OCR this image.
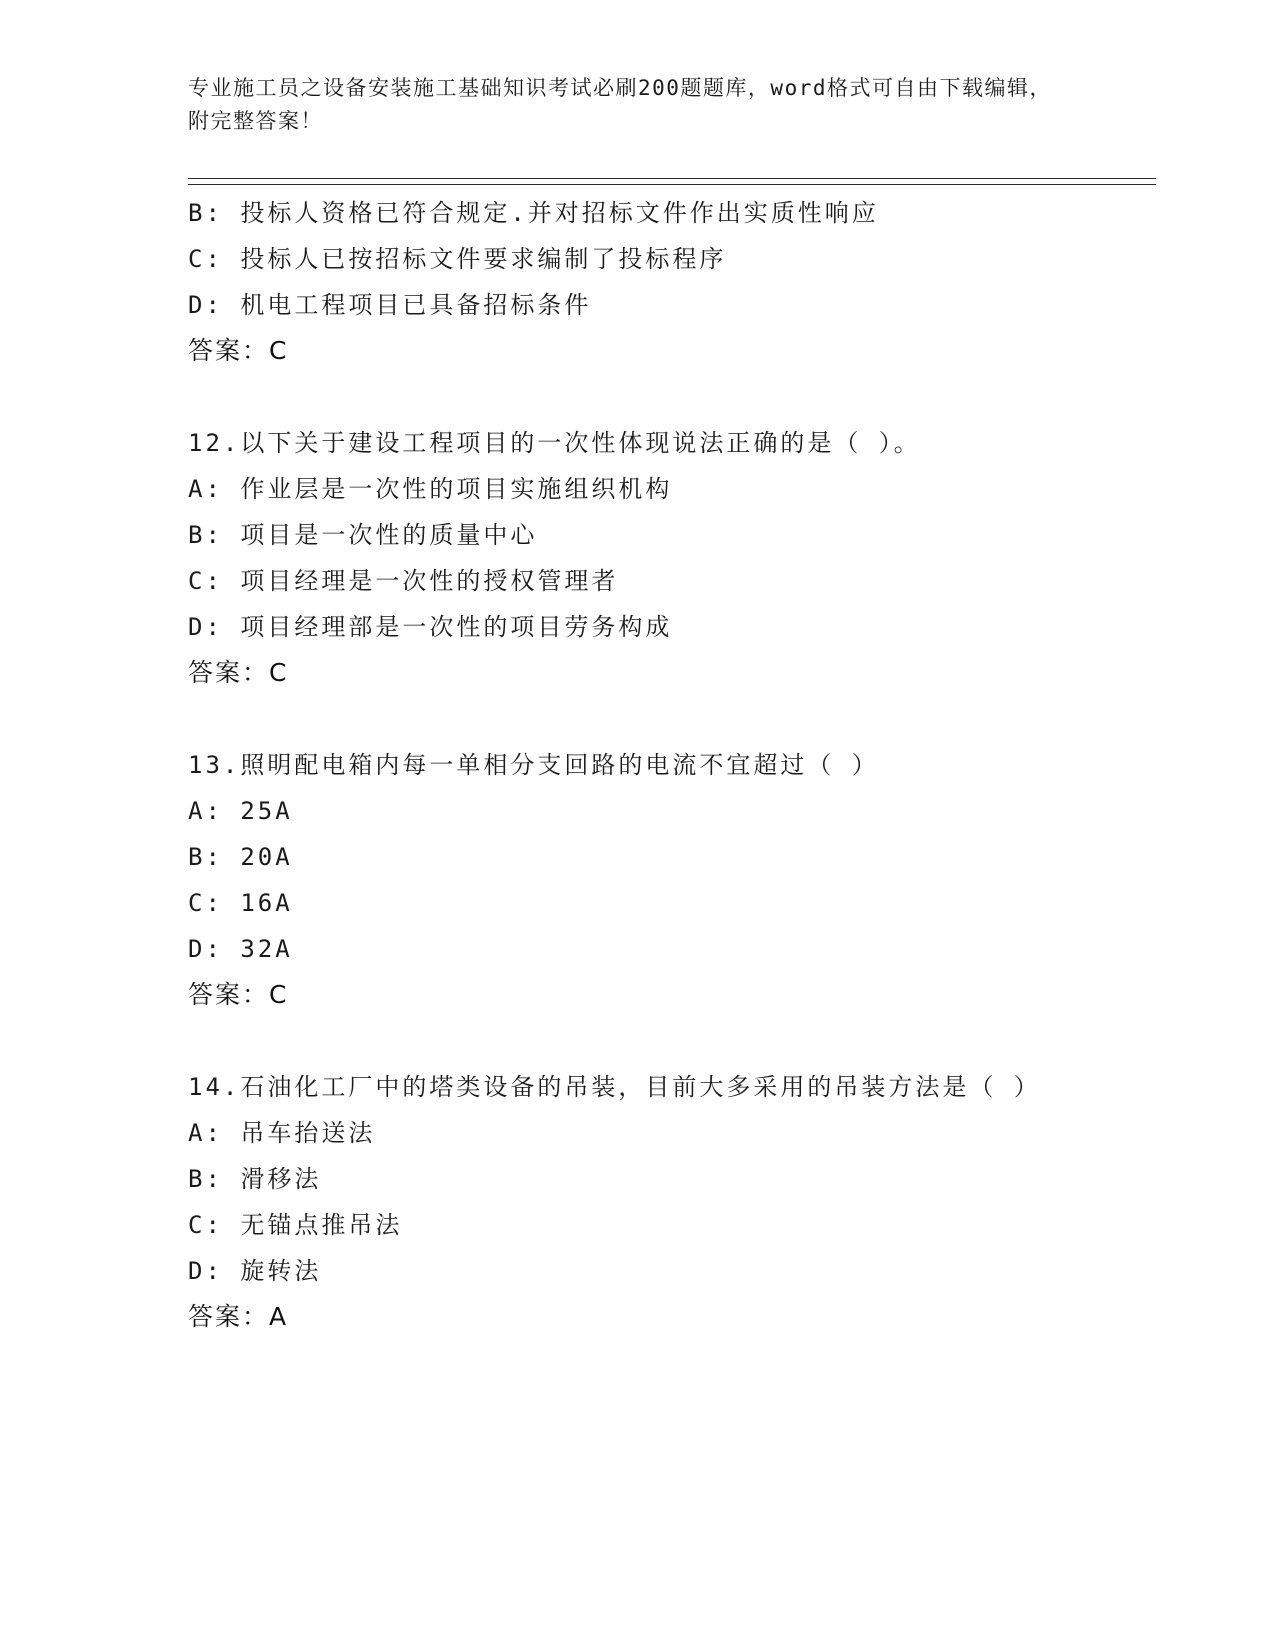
专业施工员之设备安装施工基础知识考试必刷200题题库，word格式可自由下载编辑，附完整答案！
B: 投标人资格已符合规定.并对招标文件作出实质性响应
C: 投标人已按招标文件要求编制了投标程序
D: 机电工程项目已具备招标条件
答案：C
12.以下关于建设工程项目的一次性体现说法正确的是（ ）。
A: 作业层是一次性的项目实施组织机构
B: 项目是一次性的质量中心
C: 项目经理是一次性的授权管理者
D: 项目经理部是一次性的项目劳务构成
答案：C
13.照明配电箱内每一单相分支回路的电流不宜超过（ ）
A: 25A
B: 20A
C: 16A
D: 32A
答案：C
14.石油化工厂中的塔类设备的吊装，目前大多采用的吊装方法是（ ）
A: 吊车抬送法
B: 滑移法
C: 无锚点推吊法
D: 旋转法
答案：A
